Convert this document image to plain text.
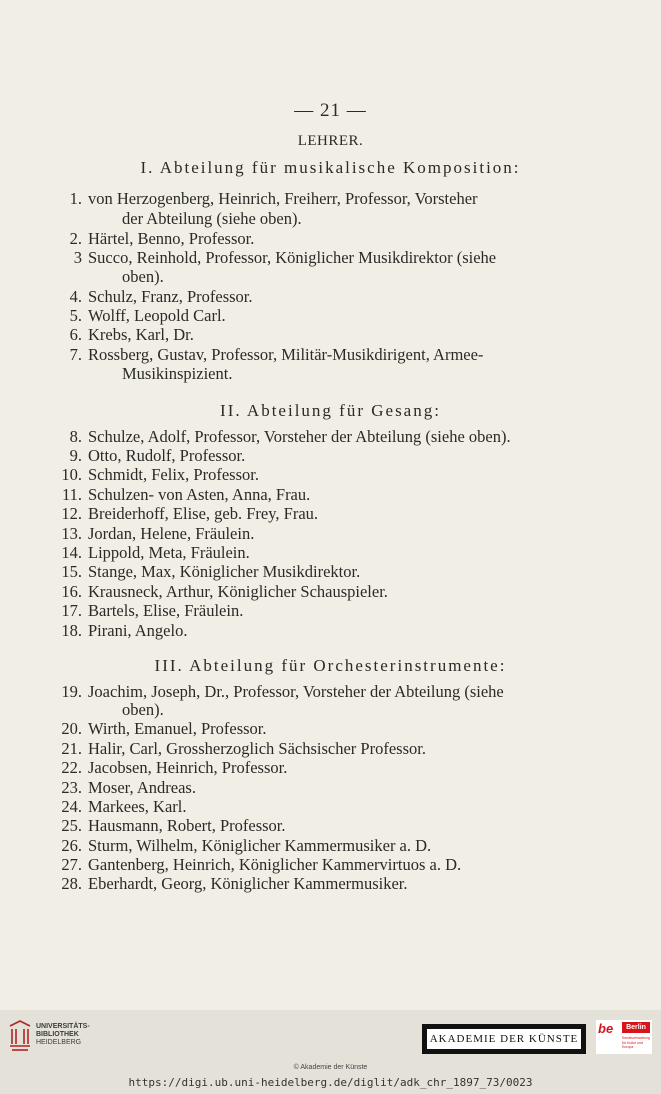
— 21 —
LEHRER.
I. Abteilung für musikalische Komposition:
1. von Herzogenberg, Heinrich, Freiherr, Professor, Vorsteher
der Abteilung (siehe oben).
2. Härtel, Benno, Professor.
3 Succo, Reinhold, Professor, Königlicher Musikdirektor (siehe
oben).
4. Schulz, Franz, Professor.
5. Wolff, Leopold Carl.
6. Krebs, Karl, Dr.
7. Rossberg, Gustav, Professor, Militär-Musikdirigent, Armee-
Musikinspizient.
II. Abteilung für Gesang:
8. Schulze, Adolf, Professor, Vorsteher der Abteilung (siehe oben).
9. Otto, Rudolf, Professor.
10. Schmidt, Felix, Professor.
11. Schulzen- von Asten, Anna, Frau.
12. Breiderhoff, Elise, geb. Frey, Frau.
13. Jordan, Helene, Fräulein.
14. Lippold, Meta, Fräulein.
15. Stange, Max, Königlicher Musikdirektor.
16. Krausneck, Arthur, Königlicher Schauspieler.
17. Bartels, Elise, Fräulein.
18. Pirani, Angelo.
III. Abteilung für Orchesterinstrumente:
19. Joachim, Joseph, Dr., Professor, Vorsteher der Abteilung (siehe
oben).
20. Wirth, Emanuel, Professor.
21. Halir, Carl, Grossherzoglich Sächsischer Professor.
22. Jacobsen, Heinrich, Professor.
23. Moser, Andreas.
24. Markees, Karl.
25. Hausmann, Robert, Professor.
26. Sturm, Wilhelm, Königlicher Kammermusiker a. D.
27. Gantenberg, Heinrich, Königlicher Kammervirtuos a. D.
28. Eberhardt, Georg, Königlicher Kammermusiker.
UNIVERSITÄTS-
BIBLIOTHEK
HEIDELBERG	AKADEMIE DER KÜNSTE
be	Berlin
Senatsverwaltung
für Kultur und Europa
© Akademie der Künste
https://digi.ub.uni-heidelberg.de/diglit/adk_chr_1897_73/0023
